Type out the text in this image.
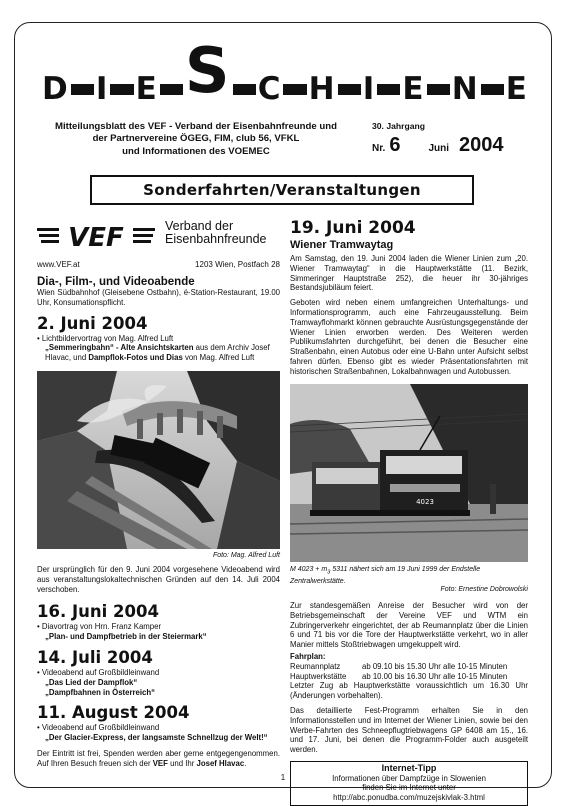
D I E S C H I E N E
Mitteilungsblatt des VEF - Verband der Eisenbahnfreunde und
der Partnervereine ÖGEG, FIM, club 56, VFKL
und Informationen des VOEMEC
30. Jahrgang
Nr. 6	Juni 2004
Sonderfahrten/Veranstaltungen
VEF	Verband der
Eisenbahnfreunde
www.VEF.at	1203 Wien, Postfach 28
Dia-, Film-, und Videoabende
Wien Südbahnhof (Gleisebene Ostbahn), é-Station-Restaurant, 19.00 Uhr, Konsumationspflicht.
2. Juni 2004
• Lichtbildervortrag von Mag. Alfred Luft
„Semmeringbahn“ - Alte Ansichtskarten aus dem Archiv Josef Hlavac, und Dampflok-Fotos und Dias von Mag. Alfred Luft
Foto: Mag. Alfred Luft
Der ursprünglich für den 9. Juni 2004 vorgesehene Videoabend wird aus veranstaltungslokaltechnischen Gründen auf den 14. Juli 2004 verschoben.
16. Juni 2004
• Diavortrag von Hrn. Franz Kamper
„Plan- und Dampfbetrieb in der Steiermark“
14. Juli 2004
• Videoabend auf Großbildleinwand
„Das Lied der Dampflok“
„Dampfbahnen in Österreich“
11. August 2004
• Videoabend auf Großbildleinwand
„Der Glacier-Express, der langsamste Schnellzug der Welt!“
Der Eintritt ist frei, Spenden werden aber gerne entgegengenommen. Auf Ihren Besuch freuen sich der VEF und Ihr Josef Hlavac.
19. Juni 2004
Wiener Tramwaytag
Am Samstag, den 19. Juni 2004 laden die Wiener Linien zum „20. Wiener Tramwaytag“ in die Hauptwerkstätte (11. Bezirk, Simmeringer Hauptstraße 252), die heuer ihr 30-jähriges Bestandsjubiläum feiert.
Geboten wird neben einem umfangreichen Unterhaltungs- und Informationsprogramm, auch eine Fahrzeugausstellung. Beim Tramwayflohmarkt können gebrauchte Ausrüstungsgegenstände der Wiener Linien erworben werden. Des Weiteren werden Publikumsfahrten durchgeführt, bei denen die Besucher eine Straßenbahn, einen Autobus oder eine U-Bahn unter Aufsicht selbst fahren dürfen. Ebenso gibt es wieder Präsentationsfahrten mit historischen Straßenbahnen, Lokalbahnwagen und Autobussen.
4023
M $4023 + m_3$ 5311 nähert sich am 19 Juni 1999 der Endstelle Zentralwerkstätte.
Foto: Ernestine Dobrowolski
Zur standesgemäßen Anreise der Besucher wird von der Betriebsgemeinschaft der Vereine VEF und WTM ein Zubringerverkehr eingerichtet, der ab Reumannplatz über die Linien 6 und 71 bis vor die Tore der Hauptwerkstätte verkehrt, wo in aller Manier mittels Stoßtriebwagen umgekuppelt wird.
Fahrplan:
Reumannplatz	ab 09.10 bis 15.30 Uhr alle 10-15 Minuten
Hauptwerkstätte	ab 10.00 bis 16.30 Uhr alle 10-15 Minuten
Letzter Zug ab Hauptwerkstätte voraussichtlich um 16.30 Uhr (Änderungen vorbehalten).
Das detaillierte Fest-Programm erhalten Sie in den Informationsstellen und im Internet der Wiener Linien, sowie bei den Werbe-Fahrten des Schneepflugtriebwagens GP 6408 am 15., 16. und 17. Juni, bei denen die Programm-Folder auch ausgeteilt werden.
Internet-Tipp
Informationen über Dampfzüge in Slowenien
finden Sie im Internet unter
http://abc.ponudba.com/muzejskivlak-3.html
1
